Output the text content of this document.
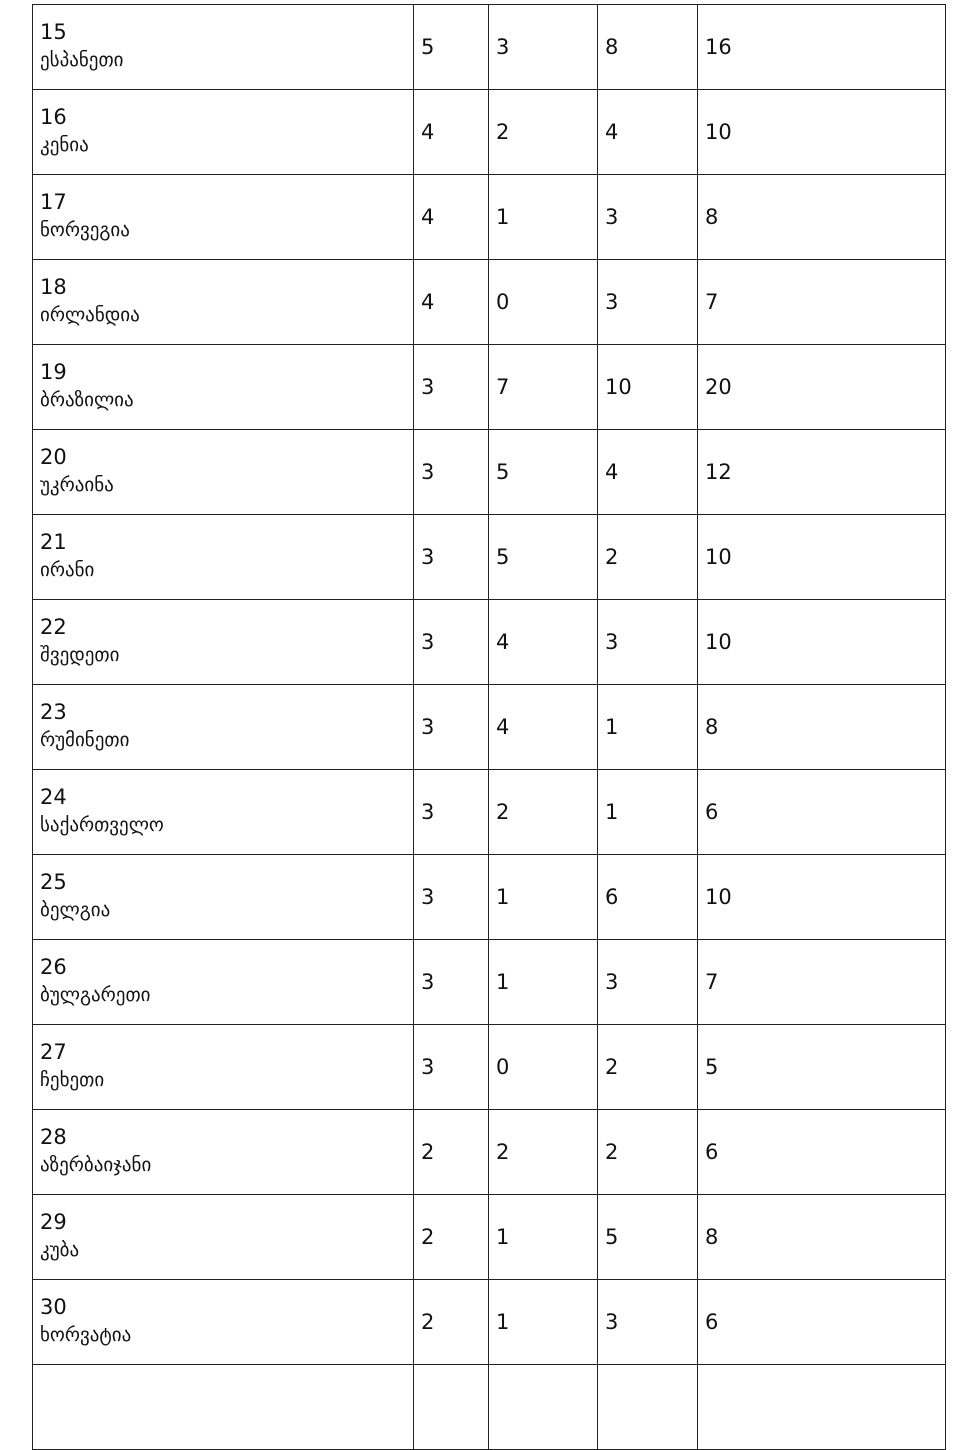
15
ესპანეთი	5	3	8	16

16
კენია	4	2	4	10

17
ნორვეგია	4	1	3	8

18
ირლანდია	4	0	3	7

19
ბრაზილია	3	7	10	20

20
უკრაინა	3	5	4	12

21
ირანი	3	5	2	10

22
შვედეთი	3	4	3	10

23
რუმინეთი	3	4	1	8

24
საქართველო	3	2	1	6

25
ბელგია	3	1	6	10

26
ბულგარეთი	3	1	3	7

27
ჩეხეთი	3	0	2	5

28
აზერბაიჯანი	2	2	2	6

29
კუბა	2	1	5	8

30
ხორვატია	2	1	3	6
